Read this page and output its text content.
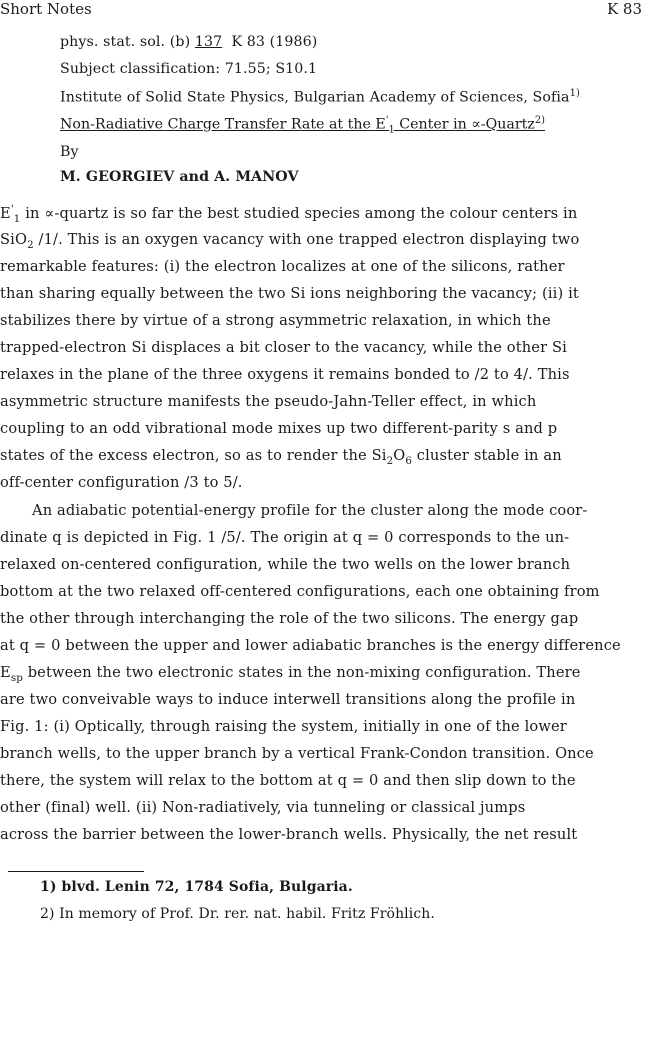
Short Notes	K 83
phys. stat. sol. (b) 137 K 83 (1986)
Subject classification: 71.55; S10.1
Institute of Solid State Physics, Bulgarian Academy of Sciences, Sofia$^{1)}$
Non-Radiative Charge Transfer Rate at the $E'_1$ Center in ∝-Quartz$^{2)}$
By
M. GEORGIEV and A. MANOV
$E'_1$ in ∝-quartz is so far the best studied species among the colour centers in
SiO$_2$ /1/. This is an oxygen vacancy with one trapped electron displaying two
remarkable features: (i) the electron localizes at one of the silicons, rather
than sharing equally between the two Si ions neighboring the vacancy; (ii) it
stabilizes there by virtue of a strong asymmetric relaxation, in which the
trapped-electron Si displaces a bit closer to the vacancy, while the other Si
relaxes in the plane of the three oxygens it remains bonded to /2 to 4/. This
asymmetric structure manifests the pseudo-Jahn-Teller effect, in which
coupling to an odd vibrational mode mixes up two different-parity s and p
states of the excess electron, so as to render the $Si_2O_6$ cluster stable in an
off-center configuration /3 to 5/.
An adiabatic potential-energy profile for the cluster along the mode coor-
dinate q is depicted in Fig. 1 /5/. The origin at q = 0 corresponds to the un-
relaxed on-centered configuration, while the two wells on the lower branch
bottom at the two relaxed off-centered configurations, each one obtaining from
the other through interchanging the role of the two silicons. The energy gap
at q = 0 between the upper and lower adiabatic branches is the energy difference
$E_{sp}$ between the two electronic states in the non-mixing configuration. There
are two conveivable ways to induce interwell transitions along the profile in
Fig. 1: (i) Optically, through raising the system, initially in one of the lower
branch wells, to the upper branch by a vertical Frank-Condon transition. Once
there, the system will relax to the bottom at q = 0 and then slip down to the
other (final) well. (ii) Non-radiatively, via tunneling or classical jumps
across the barrier between the lower-branch wells. Physically, the net result
1) blvd. Lenin 72, 1784 Sofia, Bulgaria.
2) In memory of Prof. Dr. rer. nat. habil. Fritz Fröhlich.
